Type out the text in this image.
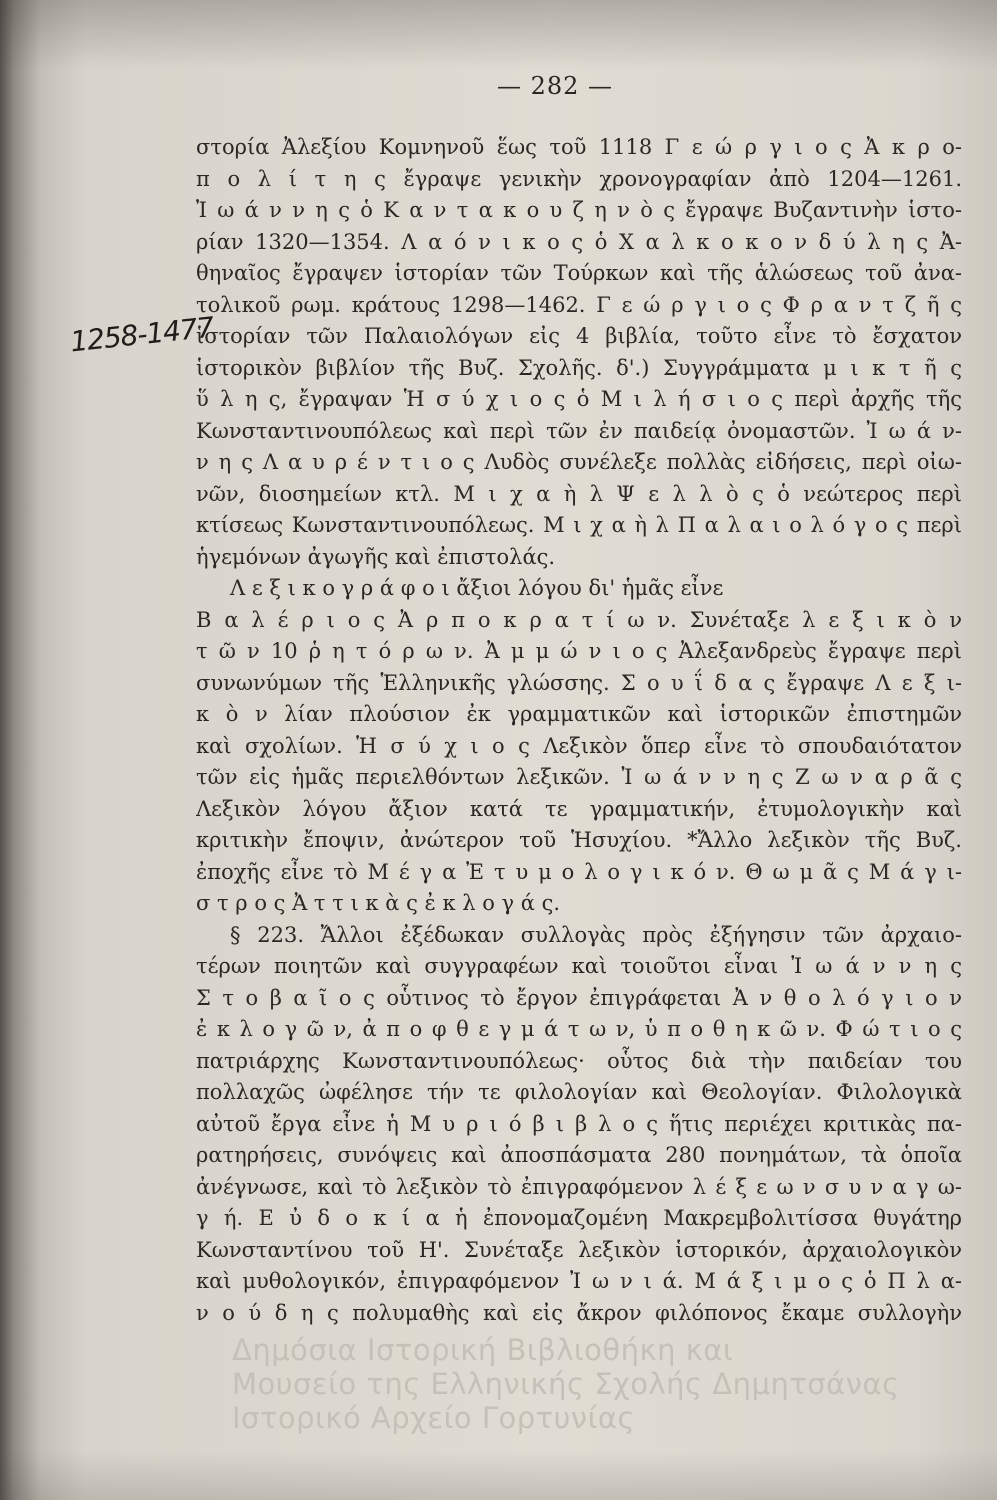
— 282 —
1258-1477
στορία Ἀλεξίου Κομνηνοῦ ἕως τοῦ 1118 Γ ε ώ ρ γ ι ο ς Ἀ κ ρ ο-
π ο λ ί τ η ς ἔγραψε γενικὴν χρονογραφίαν ἀπὸ 1204—1261.
Ἰ ω ά ν ν η ς ὁ Κ α ν τ α κ ο υ ζ η ν ὸ ς ἔγραψε Βυζαντινὴν ἱστο-
ρίαν 1320—1354. Λ α ό ν ι κ ο ς ὁ Χ α λ κ ο κ ο ν δ ύ λ η ς Ἀ-
θηναῖος ἔγραψεν ἱστορίαν τῶν Τούρκων καὶ τῆς ἁλώσεως τοῦ ἀνα-
τολικοῦ ρωμ. κράτους 1298—1462. Γ ε ώ ρ γ ι ο ς Φ ρ α ν τ ζ ῆ ς
ἱστορίαν τῶν Παλαιολόγων εἰς 4 βιβλία, τοῦτο εἶνε τὸ ἔσχατον
ἱστορικὸν βιβλίον τῆς Βυζ. Σχολῆς. δ'.) Συγγράμματα μ ι κ τ ῆ ς
ὕ λ η ς, ἔγραψαν Ἡ σ ύ χ ι ο ς ὁ Μ ι λ ή σ ι ο ς περὶ ἀρχῆς τῆς
Κωνσταντινουπόλεως καὶ περὶ τῶν ἐν παιδείᾳ ὀνομαστῶν. Ἰ ω ά ν-
ν η ς Λ α υ ρ έ ν τ ι ο ς Λυδὸς συνέλεξε πολλὰς εἰδήσεις, περὶ οἰω-
νῶν, διοσημείων κτλ. Μ ι χ α ὴ λ Ψ ε λ λ ὸ ς ὁ νεώτερος περὶ
κτίσεως Κωνσταντινουπόλεως. Μ ι χ α ὴ λ Π α λ α ι ο λ ό γ ο ς περὶ
ἡγεμόνων ἀγωγῆς καὶ ἐπιστολάς.
Λ ε ξ ι κ ο γ ρ ά φ ο ι ἄξιοι λόγου δι' ἡμᾶς εἶνε
Β α λ έ ρ ι ο ς Ἀ ρ π ο κ ρ α τ ί ω ν. Συνέταξε λ ε ξ ι κ ὸ ν
τ ῶ ν 10 ῥ η τ ό ρ ω ν. Ἀ μ μ ώ ν ι ο ς Ἀλεξανδρεὺς ἔγραψε περὶ
συνωνύμων τῆς Ἑλληνικῆς γλώσσης. Σ ο υ ΐ δ α ς ἔγραψε Λ ε ξ ι-
κ ὸ ν λίαν πλούσιον ἐκ γραμματικῶν καὶ ἱστορικῶν ἐπιστημῶν
καὶ σχολίων. Ἡ σ ύ χ ι ο ς Λεξικὸν ὅπερ εἶνε τὸ σπουδαιότατον
τῶν εἰς ἡμᾶς περιελθόντων λεξικῶν. Ἰ ω ά ν ν η ς Ζ ω ν α ρ ᾶ ς
Λεξικὸν λόγου ἄξιον κατά τε γραμματικήν, ἐτυμολογικὴν καὶ
κριτικὴν ἔποψιν, ἀνώτερον τοῦ Ἡσυχίου. *Ἄλλο λεξικὸν τῆς Βυζ.
ἐποχῆς εἶνε τὸ Μ έ γ α Ἐ τ υ μ ο λ ο γ ι κ ό ν. Θ ω μ ᾶ ς Μ ά γ ι-
σ τ ρ ο ς Ἀ τ τ ι κ ὰ ς ἐ κ λ ο γ ά ς.
§ 223. Ἄλλοι ἐξέδωκαν συλλογὰς πρὸς ἐξήγησιν τῶν ἀρχαιο-
τέρων ποιητῶν καὶ συγγραφέων καὶ τοιοῦτοι εἶναι Ἰ ω ά ν ν η ς
Σ τ ο β α ῖ ο ς οὗτινος τὸ ἔργον ἐπιγράφεται Ἀ ν θ ο λ ό γ ι ο ν
ἐ κ λ ο γ ῶ ν, ἀ π ο φ θ ε γ μ ά τ ω ν, ὑ π ο θ η κ ῶ ν. Φ ώ τ ι ο ς
πατριάρχης Κωνσταντινουπόλεως· οὗτος διὰ τὴν παιδείαν του
πολλαχῶς ὠφέλησε τήν τε φιλολογίαν καὶ Θεολογίαν. Φιλολογικὰ
αὐτοῦ ἔργα εἶνε ἡ Μ υ ρ ι ό β ι β λ ο ς ἥτις περιέχει κριτικὰς πα-
ρατηρήσεις, συνόψεις καὶ ἀποσπάσματα 280 πονημάτων, τὰ ὁποῖα
ἀνέγνωσε, καὶ τὸ λεξικὸν τὸ ἐπιγραφόμενον λ έ ξ ε ω ν σ υ ν α γ ω-
γ ή. Ε ὐ δ ο κ ί α ἡ ἐπονομαζομένη Μακρεμβολιτίσσα θυγάτηρ
Κωνσταντίνου τοῦ Η'. Συνέταξε λεξικὸν ἱστορικόν, ἀρχαιολογικὸν
καὶ μυθολογικόν, ἐπιγραφόμενον Ἰ ω ν ι ά. Μ ά ξ ι μ ο ς ὁ Π λ α-
ν ο ύ δ η ς πολυμαθὴς καὶ εἰς ἄκρον φιλόπονος ἔκαμε συλλογὴν
Δημόσια Ιστορική Βιβλιοθήκη και
Μουσείο της Ελληνικής Σχολής Δημητσάνας
Ιστορικό Αρχείο Γορτυνίας
